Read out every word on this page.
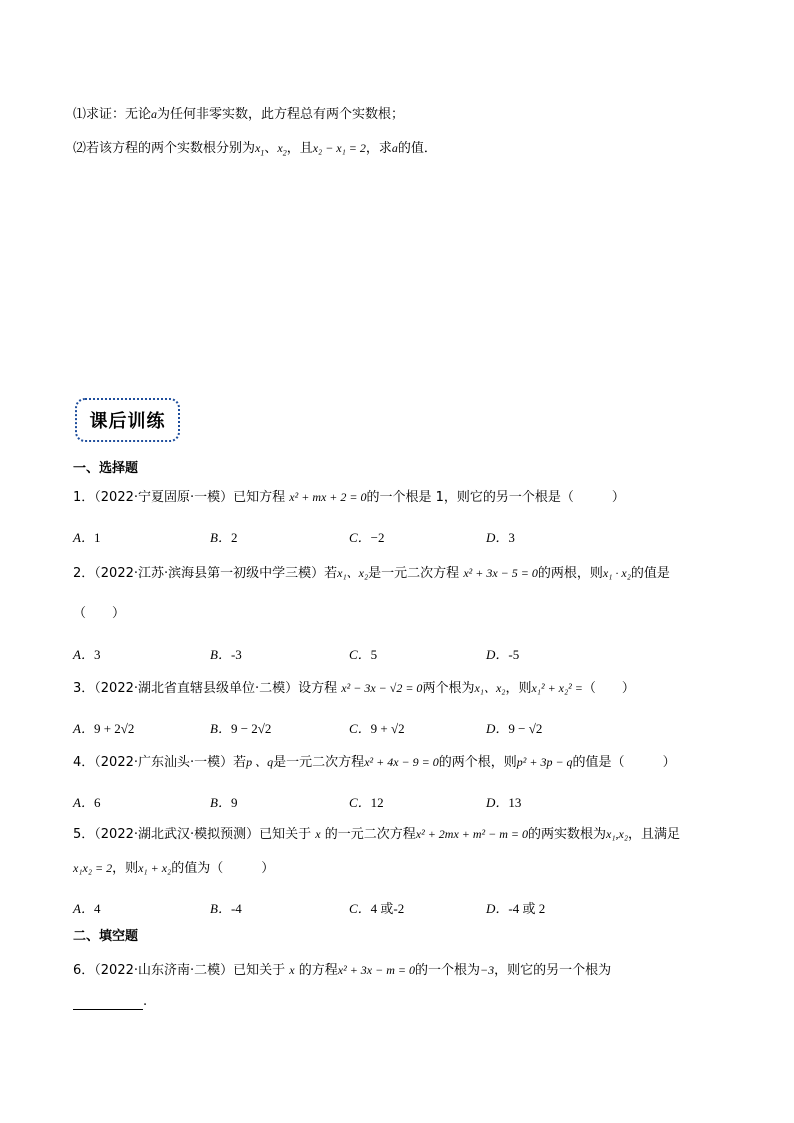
⑴求证：无论a为任何非零实数，此方程总有两个实数根；
⑵若该方程的两个实数根分别为$x_1$、$x_2$，且x₂ − x₁ = 2，求a的值．
课后训练
一、选择题
1．（2022·宁夏固原·一模）已知方程 x² + mx + 2 = 0的一个根是 1，则它的另一个根是（	）
A．1	B．2	C．−2	D．3
2．（2022·江苏·滨海县第一初级中学三模）若x₁、x₂是一元二次方程 x² + 3x − 5 = 0的两根，则x₁ · x₂的值是
（　　）
A．3	B．-3	C．5	D．-5
3．（2022·湖北省直辖县级单位·二模）设方程 x² − 3x − √2 = 0两个根为x₁、x₂，则x₁² + x₂² =（　　）
A．9 + 2√2	B．9 − 2√2	C．9 + √2	D．9 − √2
4．（2022·广东汕头·一模）若p 、q是一元二次方程x² + 4x − 9 = 0的两个根，则p² + 3p − q的值是（	）
A．6	B．9	C．12	D．13
5．（2022·湖北武汉·模拟预测）已知关于 x 的一元二次方程x² + 2mx + m² − m = 0的两实数根为x₁,x₂，且满足
x₁x₂ = 2，则x₁ + x₂的值为（	）
A．4	B．-4	C．4 或-2	D．-4 或 2
二、填空题
6．（2022·山东济南·二模）已知关于 x 的方程x² + 3x − m = 0的一个根为−3，则它的另一个根为
.
